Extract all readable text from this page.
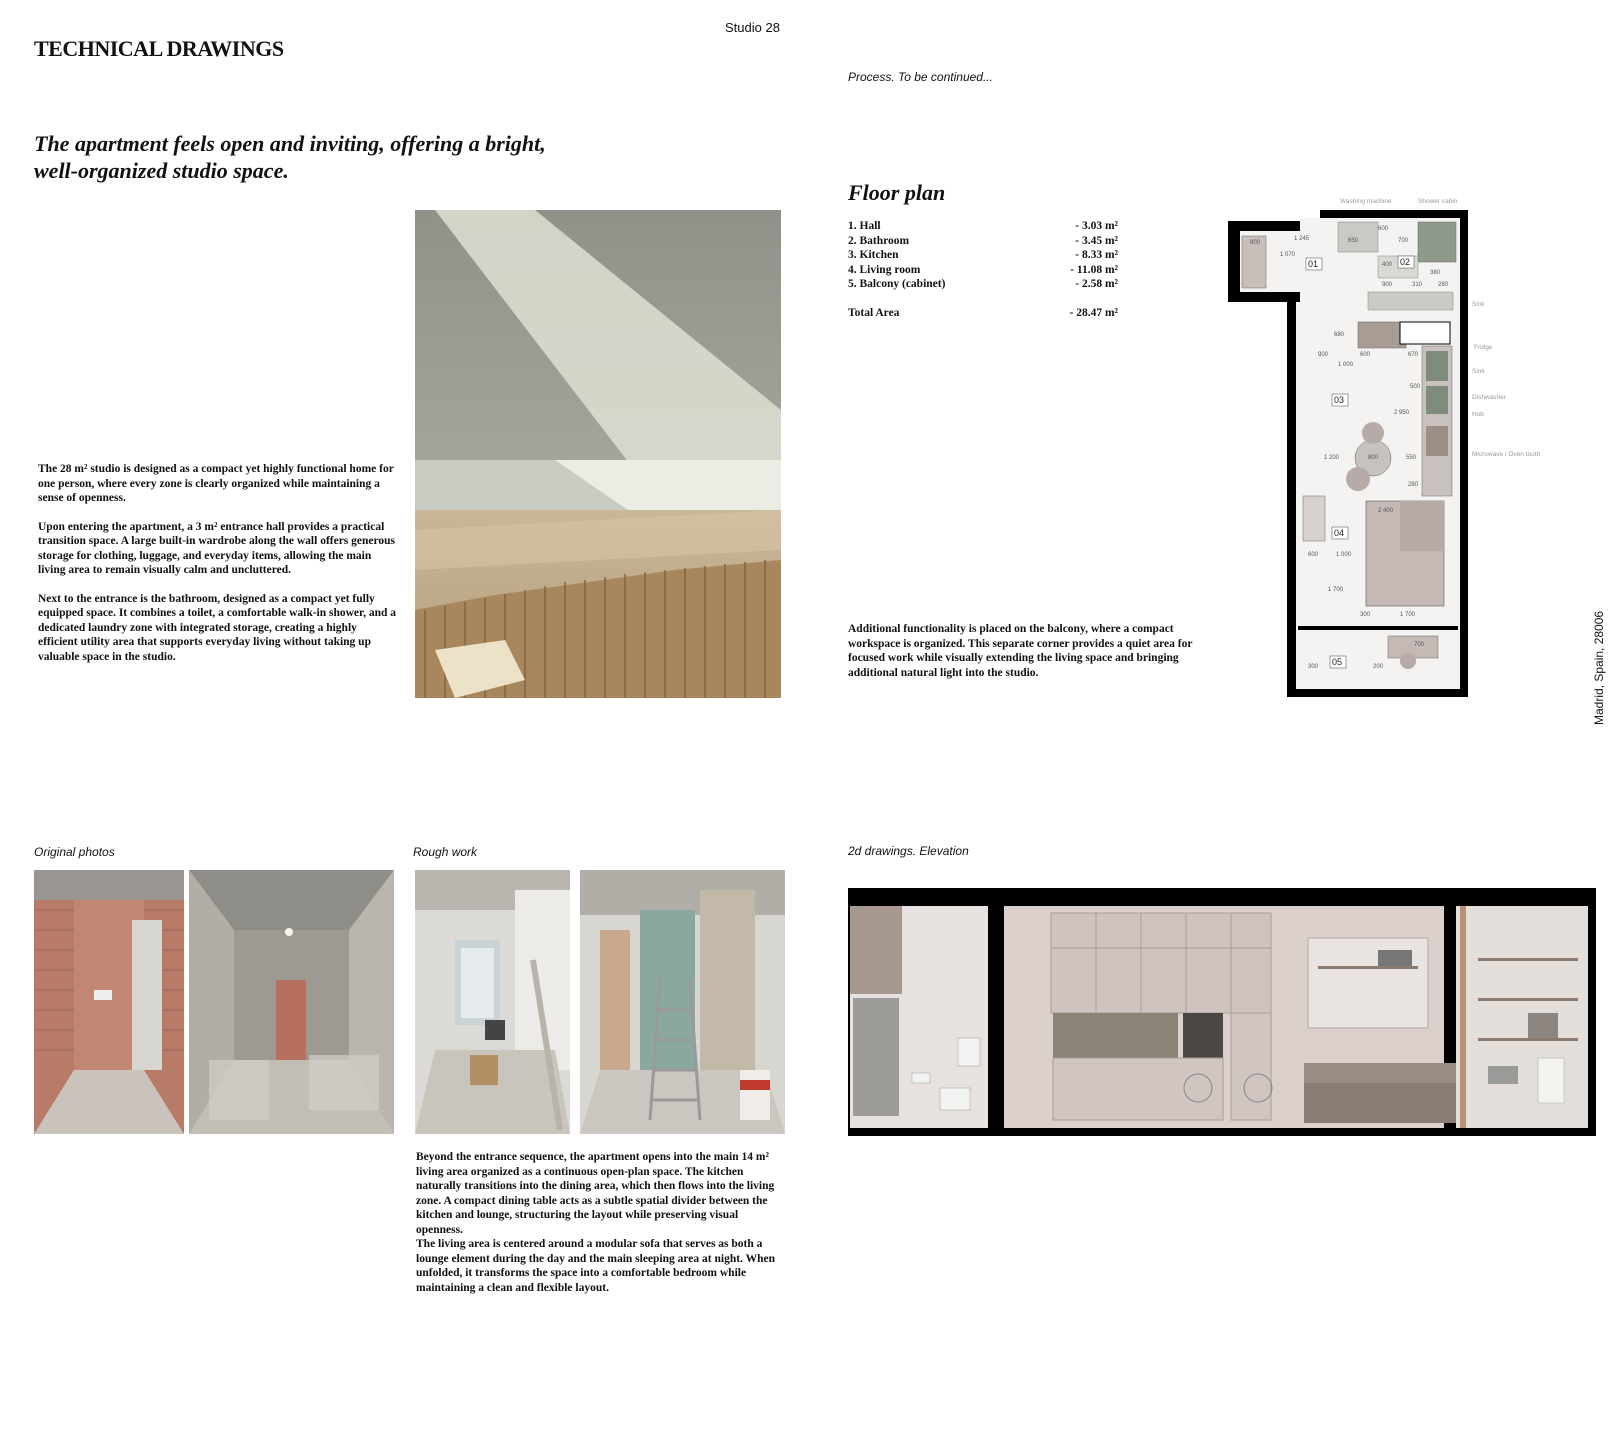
Studio 28
TECHNICAL DRAWINGS
The apartment feels open and inviting, offering a bright, well-organized studio space.
Process. To be continued...

The 28 m² studio is designed as a compact yet highly functional home for one person, where every zone is clearly organized while maintaining a sense of openness.

Upon entering the apartment, a 3 m² entrance hall provides a practical transition space. A large built-in wardrobe along the wall offers generous storage for clothing, luggage, and everyday items, allowing the main living area to remain visually calm and uncluttered.

Next to the entrance is the bathroom, designed as a compact yet fully equipped space. It combines a toilet, a comfortable walk-in shower, and a dedicated laundry zone with integrated storage, creating a highly efficient utility area that supports everyday living without taking up valuable space in the studio.

Floor plan
1. Hall	- 3.03 m²
2. Bathroom	- 3.45 m²
3. Kitchen	- 8.33 m²
4. Living room	- 11.08 m²
5. Balcony (cabinet)	- 2.58 m²
Total Area	- 28.47 m²
Additional functionality is placed on the balcony, where a compact workspace is organized. This separate corner provides a quiet area for focused work while visually extending the living space and bringing additional natural light into the studio.
01	02
03
04
05
Washing machine	Shower cabin
Sink
Fridge
Sink
Dishwasher
Hob
Microwave / Oven tooth
800
1 245
1 070
600
650	700
400
380
900	310	280
680
600
1 000
900	670
500
2 950
800
1 200	550
280
2 400
600	1 000
1 700
1 700
300
300	200
700	Madrid, Spain, 28006
Original photos	Rough work	2d drawings. Elevation
Beyond the entrance sequence, the apartment opens into the main 14 m² living area organized as a continuous open-plan space. The kitchen naturally transitions into the dining area, which then flows into the living zone. A compact dining table acts as a subtle spatial divider between the kitchen and lounge, structuring the layout while preserving visual openness.
The living area is centered around a modular sofa that serves as both a lounge element during the day and the main sleeping area at night. When unfolded, it transforms the space into a comfortable bedroom while maintaining a clean and flexible layout.
